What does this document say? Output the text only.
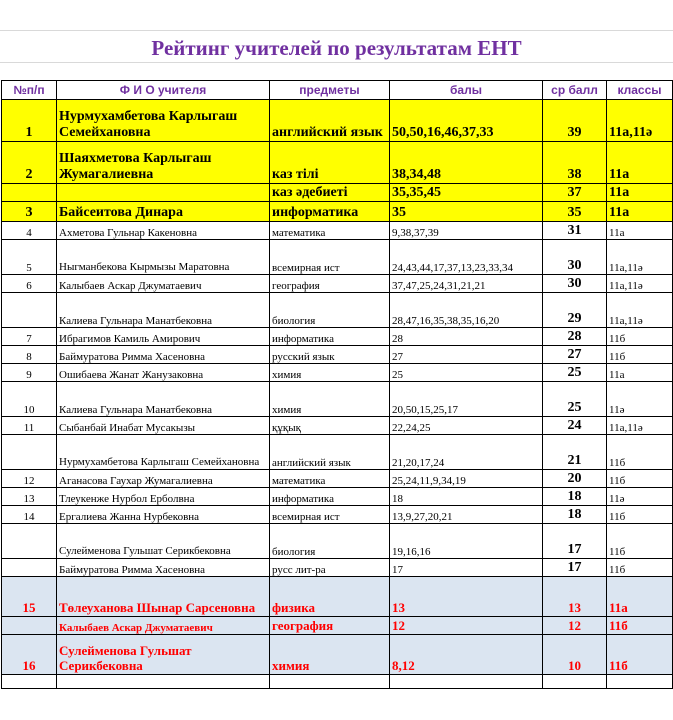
Рейтинг учителей по результатам ЕНТ
№п/п	Ф И О учителя	предметы	балы	ср балл	классы
1	Нурмухамбетова Карлыгаш Семейхановна	английский язык	50,50,16,46,37,33	39	11а,11ә
2	Шаяхметова Карлыгаш Жумагалиевна	каз тілі	38,34,48	38	11а
		каз әдебиеті	35,35,45	37	11а
3	Байсеитова Динара	информатика	35	35	11а
4	Ахметова Гульнар Какеновна	математика	9,38,37,39	31	11а
5	Ныгманбекова Кырмызы Маратовна	всемирная ист	24,43,44,17,37,13,23,33,34	30	11а,11ә
6	Калыбаев Аскар Джуматаевич	география	37,47,25,24,31,21,21	30	11а,11ә
	Калиева Гульнара Манатбековна	биология	28,47,16,35,38,35,16,20	29	11а,11ә
7	Ибрагимов Камиль Амирович	информатика	28	28	11б
8	Баймуратова Римма Хасеновна	русский язык	27	27	11б
9	Ошибаева Жанат Жанузаковна	химия	25	25	11а
10	Калиева Гульнара Манатбековна	химия	20,50,15,25,17	25	11ә
11	Сыбанбай Инабат Мусакызы	құқық	22,24,25	24	11а,11ә
	Нурмухамбетова Карлыгаш Семейхановна	английский язык	21,20,17,24	21	11б
12	Аганасова Гаухар Жумагалиевна	математика	25,24,11,9,34,19	20	11б
13	Тлеукенже Нурбол Ерболвна	информатика	18	18	11ә
14	Ергалиева Жанна Нурбековна	всемирная ист	13,9,27,20,21	18	11б
	Сулейменова Гульшат Серикбековна	биология	19,16,16	17	11б
	Баймуратова Римма Хасеновна	русс лит-ра	17	17	11б
15	Төлеуханова Шынар Сарсеновна	физика	13	13	11а
	Калыбаев Аскар Джуматаевич	география	12	12	11б
16	Сулейменова Гульшат Серикбековна	химия	8,12	10	11б
